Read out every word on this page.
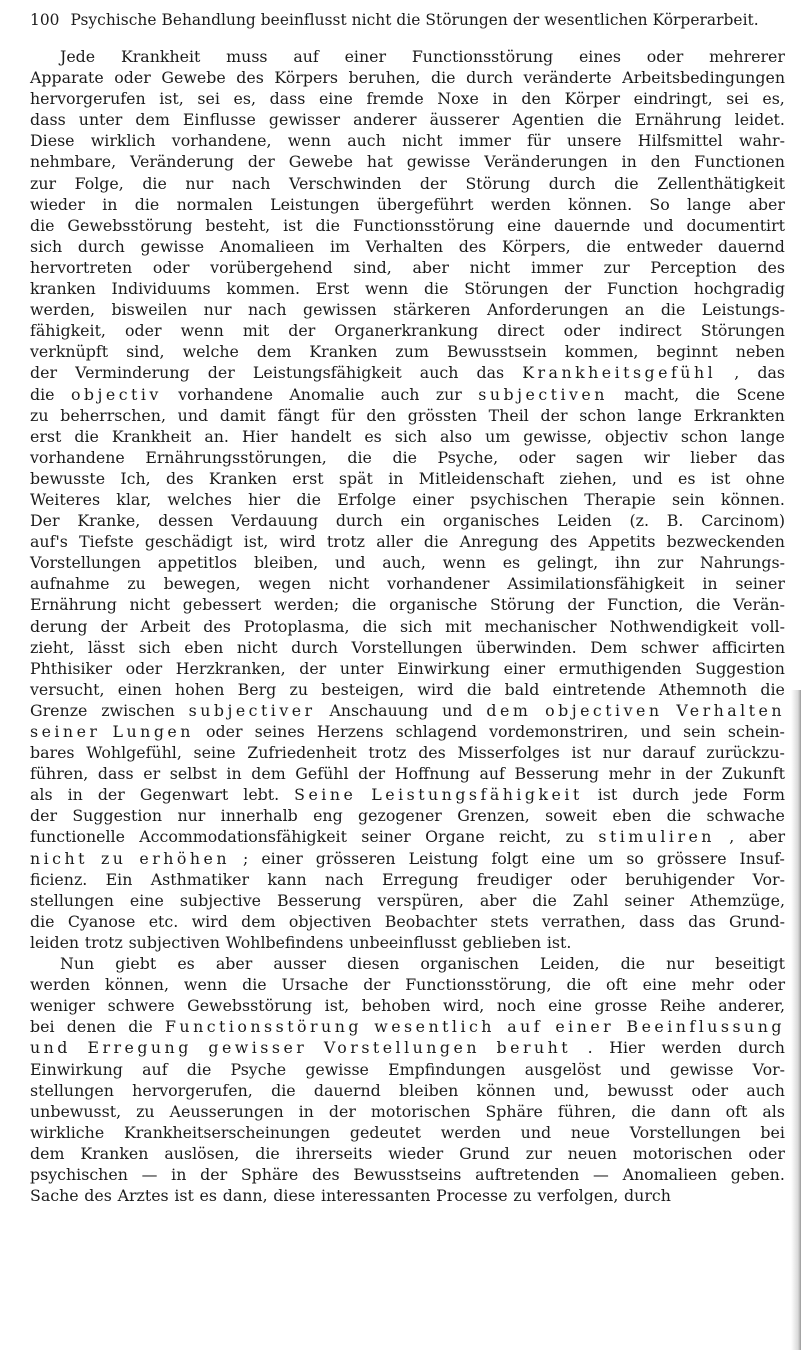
100 Psychische Behandlung beeinflusst nicht die Störungen der wesentlichen Körperarbeit.
Jede Krankheit muss auf einer Functionsstörung eines oder mehrerer
Apparate oder Gewebe des Körpers beruhen, die durch veränderte Arbeitsbedingungen
hervorgerufen ist, sei es, dass eine fremde Noxe in den Körper eindringt, sei es,
dass unter dem Einflusse gewisser anderer äusserer Agentien die Ernährung leidet.
Diese wirklich vorhandene, wenn auch nicht immer für unsere Hilfsmittel wahr-
nehmbare, Veränderung der Gewebe hat gewisse Veränderungen in den Functionen
zur Folge, die nur nach Verschwinden der Störung durch die Zellenthätigkeit
wieder in die normalen Leistungen übergeführt werden können. So lange aber
die Gewebsstörung besteht, ist die Functionsstörung eine dauernde und documentirt
sich durch gewisse Anomalieen im Verhalten des Körpers, die entweder dauernd
hervortreten oder vorübergehend sind, aber nicht immer zur Perception des
kranken Individuums kommen. Erst wenn die Störungen der Function hochgradig
werden, bisweilen nur nach gewissen stärkeren Anforderungen an die Leistungs-
fähigkeit, oder wenn mit der Organerkrankung direct oder indirect Störungen
verknüpft sind, welche dem Kranken zum Bewusstsein kommen, beginnt neben
der Verminderung der Leistungsfähigkeit auch das Krankheitsgefühl , das
die objectiv vorhandene Anomalie auch zur subjectiven macht, die Scene
zu beherrschen, und damit fängt für den grössten Theil der schon lange Erkrankten
erst die Krankheit an. Hier handelt es sich also um gewisse, objectiv schon lange
vorhandene Ernährungsstörungen, die die Psyche, oder sagen wir lieber das
bewusste Ich, des Kranken erst spät in Mitleidenschaft ziehen, und es ist ohne
Weiteres klar, welches hier die Erfolge einer psychischen Therapie sein können.
Der Kranke, dessen Verdauung durch ein organisches Leiden (z. B. Carcinom)
auf's Tiefste geschädigt ist, wird trotz aller die Anregung des Appetits bezweckenden
Vorstellungen appetitlos bleiben, und auch, wenn es gelingt, ihn zur Nahrungs-
aufnahme zu bewegen, wegen nicht vorhandener Assimilationsfähigkeit in seiner
Ernährung nicht gebessert werden; die organische Störung der Function, die Verän-
derung der Arbeit des Protoplasma, die sich mit mechanischer Nothwendigkeit voll-
zieht, lässt sich eben nicht durch Vorstellungen überwinden. Dem schwer afficirten
Phthisiker oder Herzkranken, der unter Einwirkung einer ermuthigenden Suggestion
versucht, einen hohen Berg zu besteigen, wird die bald eintretende Athemnoth die
Grenze zwischen subjectiver Anschauung und dem objectiven Verhalten
seiner Lungen oder seines Herzens schlagend vordemonstriren, und sein schein-
bares Wohlgefühl, seine Zufriedenheit trotz des Misserfolges ist nur darauf zurückzu-
führen, dass er selbst in dem Gefühl der Hoffnung auf Besserung mehr in der Zukunft
als in der Gegenwart lebt. Seine Leistungsfähigkeit ist durch jede Form
der Suggestion nur innerhalb eng gezogener Grenzen, soweit eben die schwache
functionelle Accommodationsfähigkeit seiner Organe reicht, zu stimuliren , aber
nicht zu erhöhen ; einer grösseren Leistung folgt eine um so grössere Insuf-
ficienz. Ein Asthmatiker kann nach Erregung freudiger oder beruhigender Vor-
stellungen eine subjective Besserung verspüren, aber die Zahl seiner Athemzüge,
die Cyanose etc. wird dem objectiven Beobachter stets verrathen, dass das Grund-
leiden trotz subjectiven Wohlbefindens unbeeinflusst geblieben ist.
Nun giebt es aber ausser diesen organischen Leiden, die nur beseitigt
werden können, wenn die Ursache der Functionsstörung, die oft eine mehr oder
weniger schwere Gewebsstörung ist, behoben wird, noch eine grosse Reihe anderer,
bei denen die Functionsstörung wesentlich auf einer Beeinflussung
und Erregung gewisser Vorstellungen beruht . Hier werden durch
Einwirkung auf die Psyche gewisse Empfindungen ausgelöst und gewisse Vor-
stellungen hervorgerufen, die dauernd bleiben können und, bewusst oder auch
unbewusst, zu Aeusserungen in der motorischen Sphäre führen, die dann oft als
wirkliche Krankheitserscheinungen gedeutet werden und neue Vorstellungen bei
dem Kranken auslösen, die ihrerseits wieder Grund zur neuen motorischen oder
psychischen — in der Sphäre des Bewusstseins auftretenden — Anomalieen geben.
Sache des Arztes ist es dann, diese interessanten Processe zu verfolgen, durch
